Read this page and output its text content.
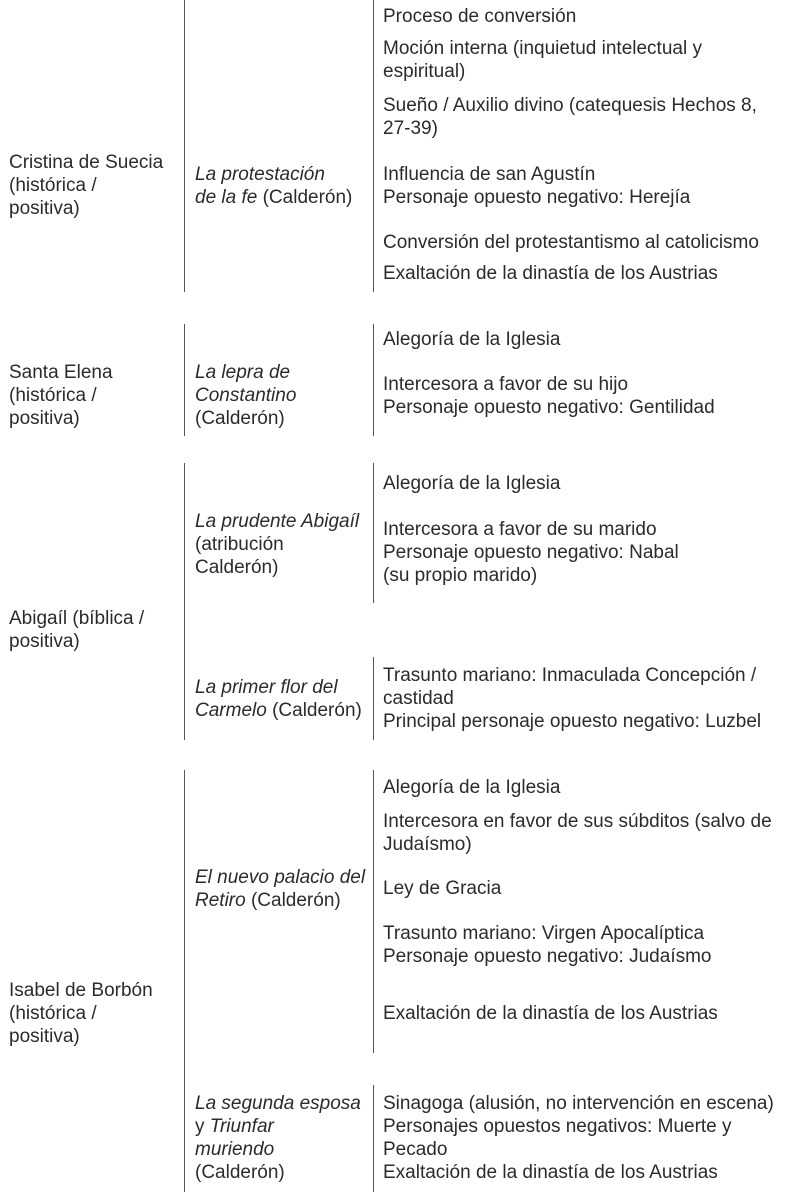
Cristina de Suecia
(histórica /
positiva)
La protestación
de la fe (Calderón)
Proceso de conversión
Moción interna (inquietud intelectual y
espiritual)
Sueño / Auxilio divino (catequesis Hechos 8,
27-39)
Influencia de san Agustín
Personaje opuesto negativo: Herejía
Conversión del protestantismo al catolicismo
Exaltación de la dinastía de los Austrias
Santa Elena
(histórica /
positiva)
La lepra de
Constantino
(Calderón)
Alegoría de la Iglesia
Intercesora a favor de su hijo
Personaje opuesto negativo: Gentilidad
Abigaíl (bíblica /
positiva)
La prudente Abigaíl
(atribución
Calderón)
Alegoría de la Iglesia
Intercesora a favor de su marido
Personaje opuesto negativo: Nabal
(su propio marido)
La primer flor del
Carmelo (Calderón)
Trasunto mariano: Inmaculada Concepción /
castidad
Principal personaje opuesto negativo: Luzbel
Isabel de Borbón
(histórica /
positiva)
El nuevo palacio del
Retiro (Calderón)
Alegoría de la Iglesia
Intercesora en favor de sus súbditos (salvo de
Judaísmo)
Ley de Gracia
Trasunto mariano: Virgen Apocalíptica
Personaje opuesto negativo: Judaísmo
Exaltación de la dinastía de los Austrias
La segunda esposa
y Triunfar
muriendo
(Calderón)
Sinagoga (alusión, no intervención en escena)
Personajes opuestos negativos: Muerte y
Pecado
Exaltación de la dinastía de los Austrias
